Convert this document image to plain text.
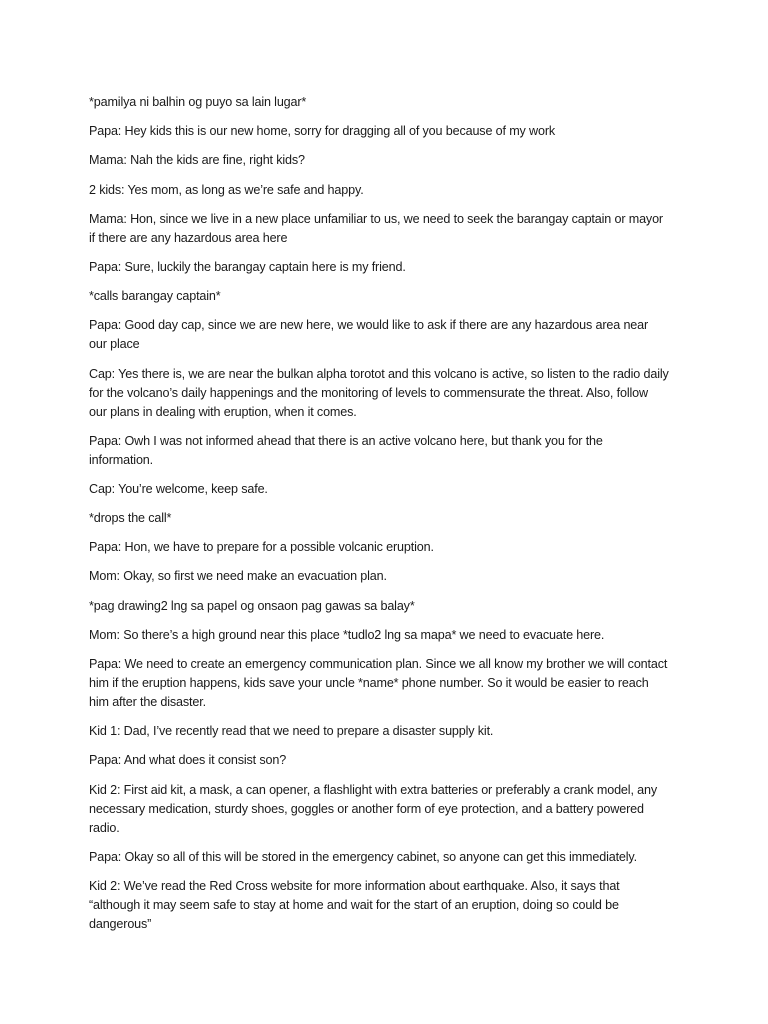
*pamilya ni balhin og puyo sa lain lugar*

Papa: Hey kids this is our new home, sorry for dragging all of you because of my work

Mama: Nah the kids are fine, right kids?

2 kids: Yes mom, as long as we’re safe and happy.

Mama: Hon, since we live in a new place unfamiliar to us, we need to seek the barangay captain or mayor if there are any hazardous area here

Papa: Sure, luckily the barangay captain here is my friend.

*calls barangay captain*

Papa: Good day cap, since we are new here, we would like to ask if there are any hazardous area near our place

Cap: Yes there is, we are near the bulkan alpha torotot and this volcano is active, so listen to the radio daily for the volcano’s daily happenings and the monitoring of levels to commensurate the threat. Also, follow our plans in dealing with eruption, when it comes.

Papa: Owh I was not informed ahead that there is an active volcano here, but thank you for the information.

Cap: You’re welcome, keep safe.

*drops the call*

Papa: Hon, we have to prepare for a possible volcanic eruption.

Mom: Okay, so first we need make an evacuation plan.

*pag drawing2 lng sa papel og onsaon pag gawas sa balay*

Mom: So there’s a high ground near this place *tudlo2 lng sa mapa* we need to evacuate here.

Papa: We need to create an emergency communication plan. Since we all know my brother we will contact him if the eruption happens, kids save your uncle *name* phone number. So it would be easier to reach him after the disaster.

Kid 1: Dad, I’ve recently read that we need to prepare a disaster supply kit.

Papa: And what does it consist son?

Kid 2: First aid kit, a mask, a can opener, a flashlight with extra batteries or preferably a crank model, any necessary medication, sturdy shoes, goggles or another form of eye protection, and a battery powered radio.

Papa: Okay so all of this will be stored in the emergency cabinet, so anyone can get this immediately.

Kid 2: We’ve read the Red Cross website for more information about earthquake. Also, it says that “although it may seem safe to stay at home and wait for the start of an eruption, doing so could be dangerous”
